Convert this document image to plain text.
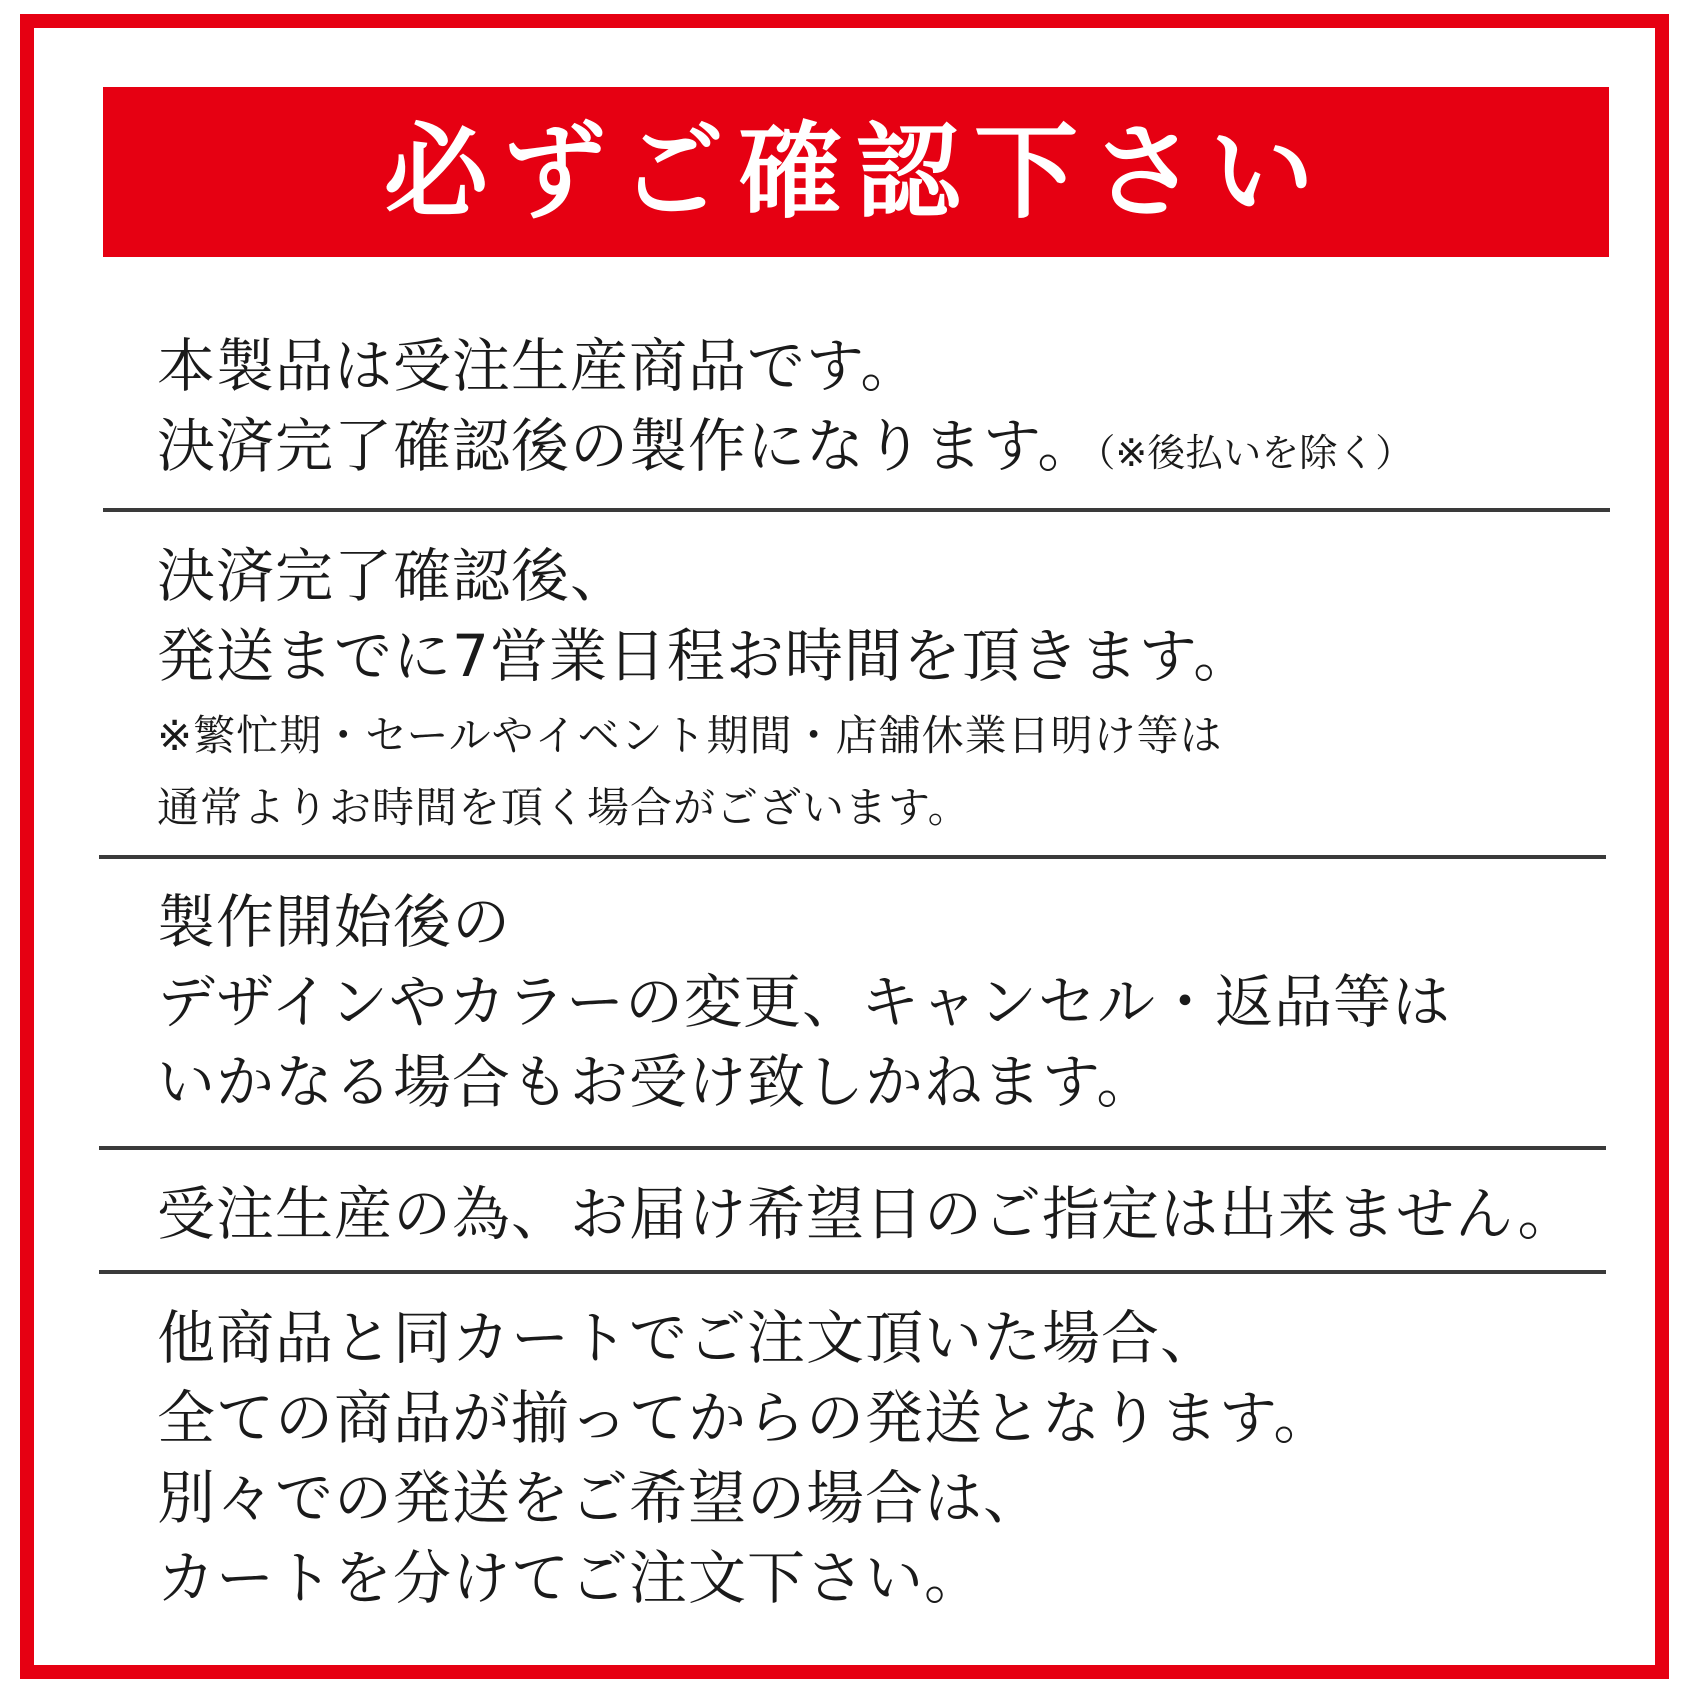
必ずご確認下さい
本製品は受注生産商品です。
決済完了確認後の製作になります。（※後払いを除く）
決済完了確認後、
発送までに7営業日程お時間を頂きます。
※繁忙期・セールやイベント期間・店舗休業日明け等は
通常よりお時間を頂く場合がございます。
製作開始後の
デザインやカラーの変更、キャンセル・返品等は
いかなる場合もお受け致しかねます。
受注生産の為、お届け希望日のご指定は出来ません。
他商品と同カートでご注文頂いた場合、
全ての商品が揃ってからの発送となります。
別々での発送をご希望の場合は、
カートを分けてご注文下さい。
